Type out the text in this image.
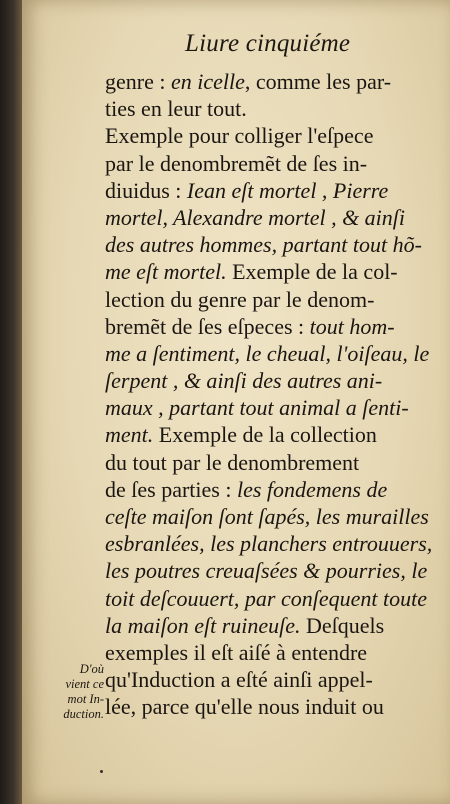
Liure cinquiéme
genre : en icelle, comme les par-
ties en leur tout.
Exemple pour colliger l'eſpece
par le denombremẽt de ſes in-
diuidus : Iean eſt mortel , Pierre
mortel, Alexandre mortel , & ainſi
des autres hommes, partant tout hõ-
me eſt mortel. Exemple de la col-
lection du genre par le denom-
bremẽt de ſes eſpeces : tout hom-
me a ſentiment, le cheual, l'oiſeau, le
ſerpent , & ainſi des autres ani-
maux , partant tout animal a ſenti-
ment. Exemple de la collection
du tout par le denombrement
de ſes parties : les fondemens de
ceſte maiſon ſont ſapés, les murailles
esbranlées, les planchers entrouuers,
les poutres creuaſsées & pourries, le
toit deſcouuert, par conſequent toute
la maiſon eſt ruineuſe. Deſquels
exemples il eſt aiſé à entendre
qu'Induction a eſté ainſi appel-
lée, parce qu'elle nous induit ou
D'où
vient ce
mot In-
duction.
